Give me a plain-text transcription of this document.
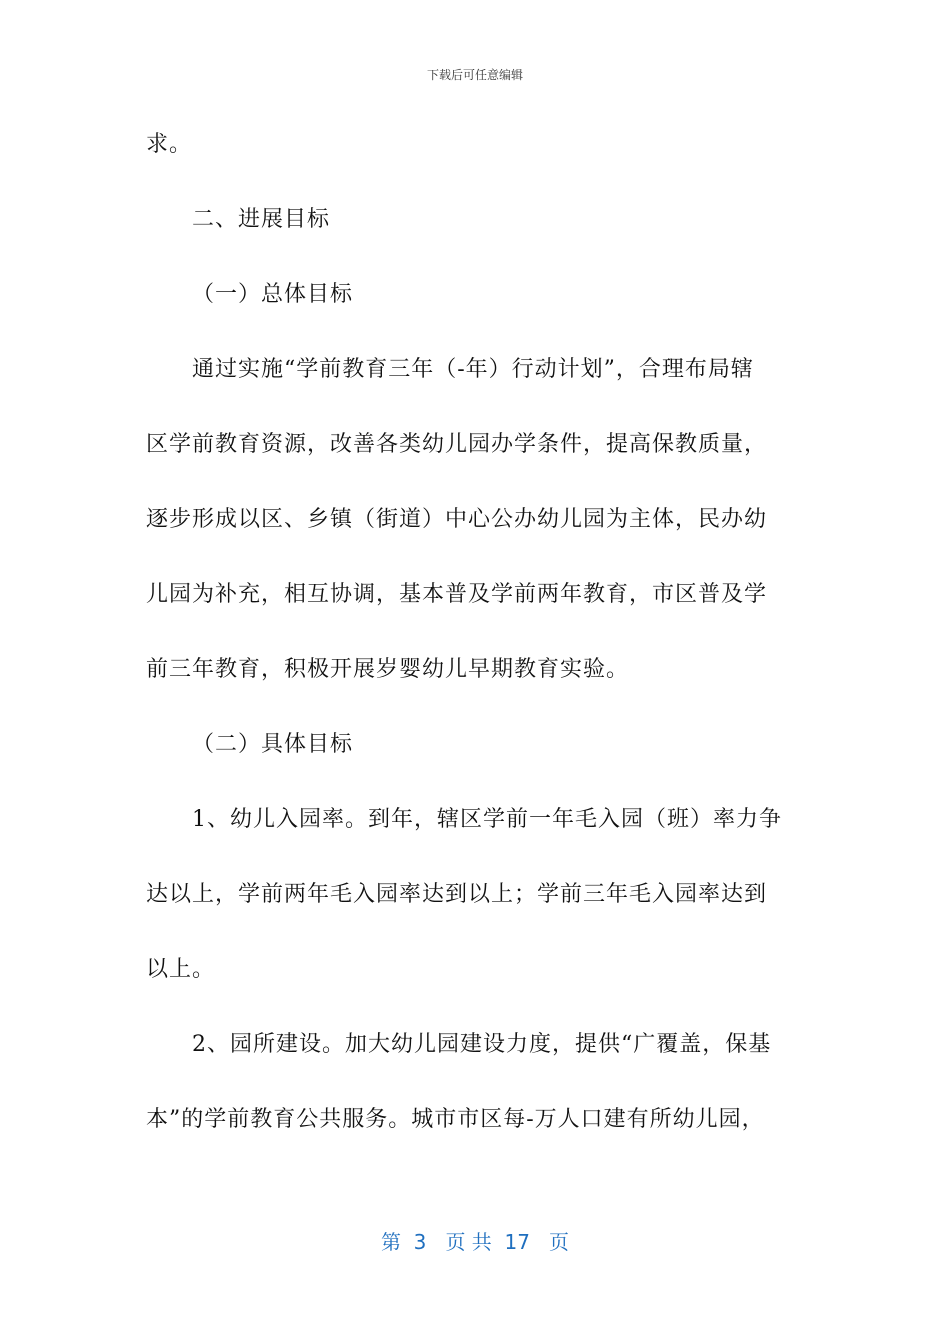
下载后可任意编辑

求。

二、进展目标

（一）总体目标

通过实施“学前教育三年（-年）行动计划”，合理布局辖

区学前教育资源，改善各类幼儿园办学条件，提高保教质量，

逐步形成以区、乡镇（街道）中心公办幼儿园为主体，民办幼

儿园为补充，相互协调，基本普及学前两年教育，市区普及学

前三年教育，积极开展岁婴幼儿早期教育实验。

（二）具体目标

1、幼儿入园率。到年，辖区学前一年毛入园（班）率力争

达以上，学前两年毛入园率达到以上；学前三年毛入园率达到

以上。

2、园所建设。加大幼儿园建设力度，提供“广覆盖，保基

本”的学前教育公共服务。城市市区每-万人口建有所幼儿园，

第  3   页 共  17   页
